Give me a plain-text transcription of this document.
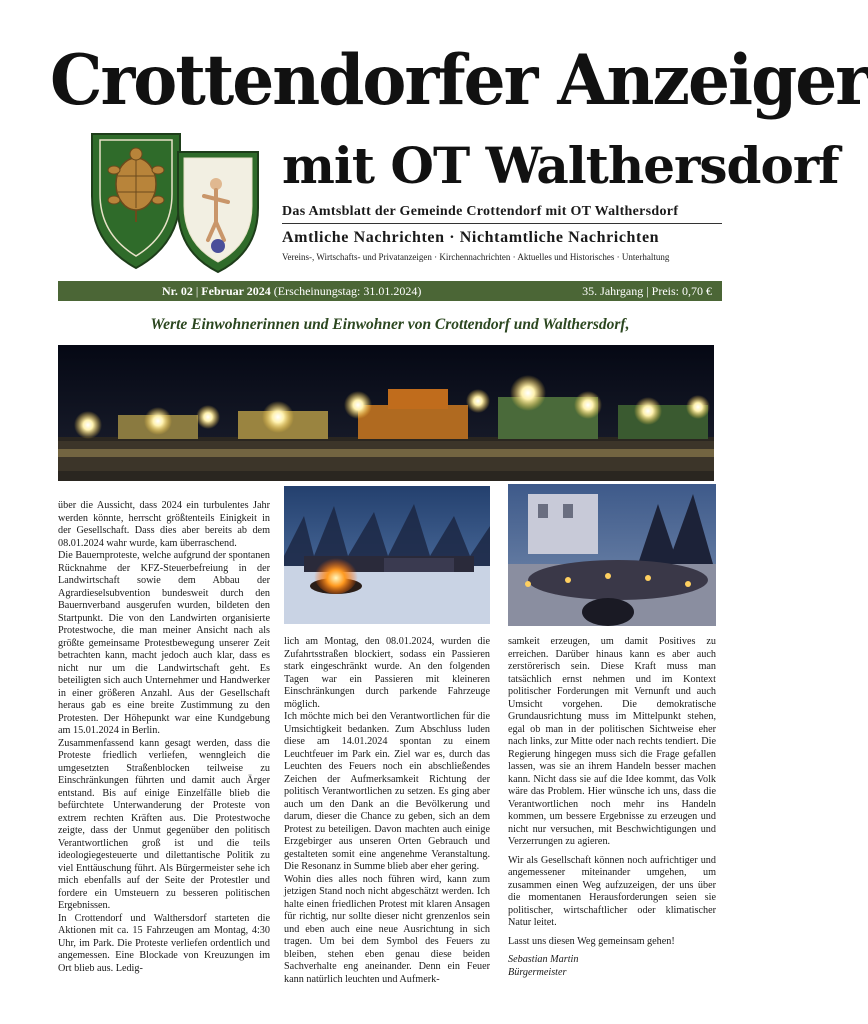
Crottendorfer Anzeiger
mit OT Walthersdorf
Das Amtsblatt der Gemeinde Crottendorf mit OT Walthersdorf
Amtliche Nachrichten · Nichtamtliche Nachrichten
Vereins-, Wirtschafts- und Privatanzeigen · Kirchennachrichten · Aktuelles und Historisches · Unterhaltung
Nr. 02 | Februar 2024 (Erscheinungstag: 31.01.2024)	35. Jahrgang | Preis: 0,70 €
Werte Einwohnerinnen und Einwohner von Crottendorf und Walthersdorf,

über die Aussicht, dass 2024 ein turbulentes Jahr werden könnte, herrscht größtenteils Einigkeit in der Gesellschaft. Dass dies aber bereits ab dem 08.01.2024 wahr wurde, kam überraschend.

Die Bauernproteste, welche aufgrund der spontanen Rücknahme der KFZ-Steuerbefreiung in der Landwirtschaft sowie dem Abbau der Agrardieselsubvention bundesweit durch den Bauernverband ausgerufen wurden, bildeten den Startpunkt. Die von den Landwirten organisierte Protestwoche, die man meiner Ansicht nach als größte gemeinsame Protestbewegung unserer Zeit betrachten kann, macht jedoch auch klar, dass es nicht nur um die Landwirtschaft geht. Es beteiligten sich auch Unternehmer und Handwerker in einer größeren Anzahl. Aus der Gesellschaft heraus gab es eine breite Zustimmung zu den Protesten. Der Höhepunkt war eine Kundgebung am 15.01.2024 in Berlin.

Zusammenfassend kann gesagt werden, dass die Proteste friedlich verliefen, wenngleich die umgesetzten Straßenblocken teilweise zu Einschränkungen führten und damit auch Ärger entstand. Bis auf einige Einzelfälle blieb die befürchtete Unterwanderung der Proteste von extrem rechten Kräften aus. Die Protestwoche zeigte, dass der Unmut gegenüber den politisch Verantwortlichen groß ist und die teils ideologiegesteuerte und dilettantische Politik zu viel Enttäuschung führt. Als Bürgermeister sehe ich mich ebenfalls auf der Seite der Protestler und fordere ein Umsteuern zu besseren politischen Ergebnissen.

In Crottendorf und Walthersdorf starteten die Aktionen mit ca. 15 Fahrzeugen am Montag, 4:30 Uhr, im Park. Die Proteste verliefen ordentlich und angemessen. Eine Blockade von Kreuzungen im Ort blieb aus. Ledig-

lich am Montag, den 08.01.2024, wurden die Zufahrtsstraßen blockiert, sodass ein Passieren stark eingeschränkt wurde. An den folgenden Tagen war ein Passieren mit kleineren Einschränkungen durch parkende Fahrzeuge möglich.

Ich möchte mich bei den Verantwortlichen für die Umsichtigkeit bedanken. Zum Abschluss luden diese am 14.01.2024 spontan zu einem Leuchtfeuer im Park ein. Ziel war es, durch das Leuchten des Feuers noch ein abschließendes Zeichen der Aufmerksamkeit Richtung der politisch Verantwortlichen zu setzen. Es ging aber auch um den Dank an die Bevölkerung und darum, dieser die Chance zu geben, sich an dem Protest zu beteiligen. Davon machten auch einige Erzgebirger aus unseren Orten Gebrauch und gestalteten somit eine angenehme Veranstaltung. Die Resonanz in Summe blieb aber eher gering.

Wohin dies alles noch führen wird, kann zum jetzigen Stand noch nicht abgeschätzt werden. Ich halte einen friedlichen Protest mit klaren Ansagen für richtig, nur sollte dieser nicht grenzenlos sein und eben auch eine neue Ausrichtung in sich tragen. Um bei dem Symbol des Feuers zu bleiben, stehen eben genau diese beiden Sachverhalte eng aneinander. Denn ein Feuer kann natürlich leuchten und Aufmerk-

samkeit erzeugen, um damit Positives zu erreichen. Darüber hinaus kann es aber auch zerstörerisch sein. Diese Kraft muss man tatsächlich ernst nehmen und im Kontext politischer Forderungen mit Vernunft und auch Umsicht vorgehen. Die demokratische Grundausrichtung muss im Mittelpunkt stehen, egal ob man in der politischen Sichtweise eher nach links, zur Mitte oder nach rechts tendiert. Die Regierung hingegen muss sich die Frage gefallen lassen, was sie an ihrem Handeln besser machen kann. Nicht dass sie auf die Idee kommt, das Volk wäre das Problem. Hier wünsche ich uns, dass die Verantwortlichen noch mehr ins Handeln kommen, um bessere Ergebnisse zu erzeugen und nicht nur versuchen, mit Beschwichtigungen und Verzerrungen zu agieren.

Wir als Gesellschaft können noch aufrichtiger und angemessener miteinander umgehen, um zusammen einen Weg aufzuzeigen, der uns über die momentanen Herausforderungen seien sie politischer, wirtschaftlicher oder klimatischer Natur leitet.

Lasst uns diesen Weg gemeinsam gehen!

Sebastian Martin

Bürgermeister
